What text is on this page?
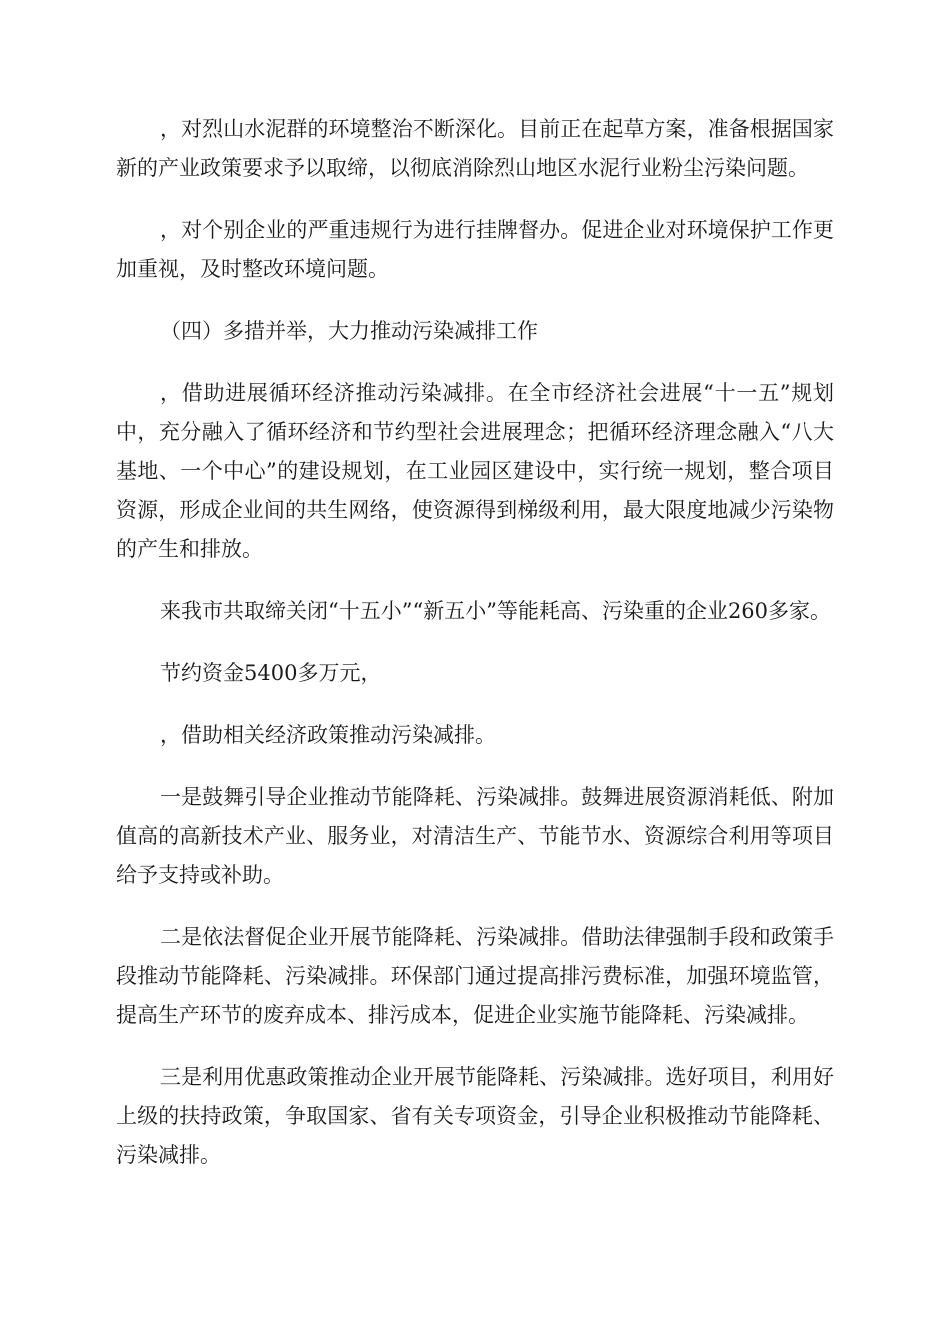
，对烈山水泥群的环境整治不断深化。目前正在起草方案，准备根据国家新的产业政策要求予以取缔，以彻底消除烈山地区水泥行业粉尘污染问题。

，对个别企业的严重违规行为进行挂牌督办。促进企业对环境保护工作更加重视，及时整改环境问题。

（四）多措并举，大力推动污染减排工作

，借助进展循环经济推动污染减排。在全市经济社会进展“十一五”规划中，充分融入了循环经济和节约型社会进展理念；把循环经济理念融入“八大基地、一个中心”的建设规划，在工业园区建设中，实行统一规划，整合项目资源，形成企业间的共生网络，使资源得到梯级利用，最大限度地减少污染物的产生和排放。

来我市共取缔关闭“十五小”“新五小”等能耗高、污染重的企业260多家。

节约资金5400多万元，

，借助相关经济政策推动污染减排。

一是鼓舞引导企业推动节能降耗、污染减排。鼓舞进展资源消耗低、附加值高的高新技术产业、服务业，对清洁生产、节能节水、资源综合利用等项目给予支持或补助。

二是依法督促企业开展节能降耗、污染减排。借助法律强制手段和政策手段推动节能降耗、污染减排。环保部门通过提高排污费标准，加强环境监管，提高生产环节的废弃成本、排污成本，促进企业实施节能降耗、污染减排。

三是利用优惠政策推动企业开展节能降耗、污染减排。选好项目，利用好上级的扶持政策，争取国家、省有关专项资金，引导企业积极推动节能降耗、污染减排。
